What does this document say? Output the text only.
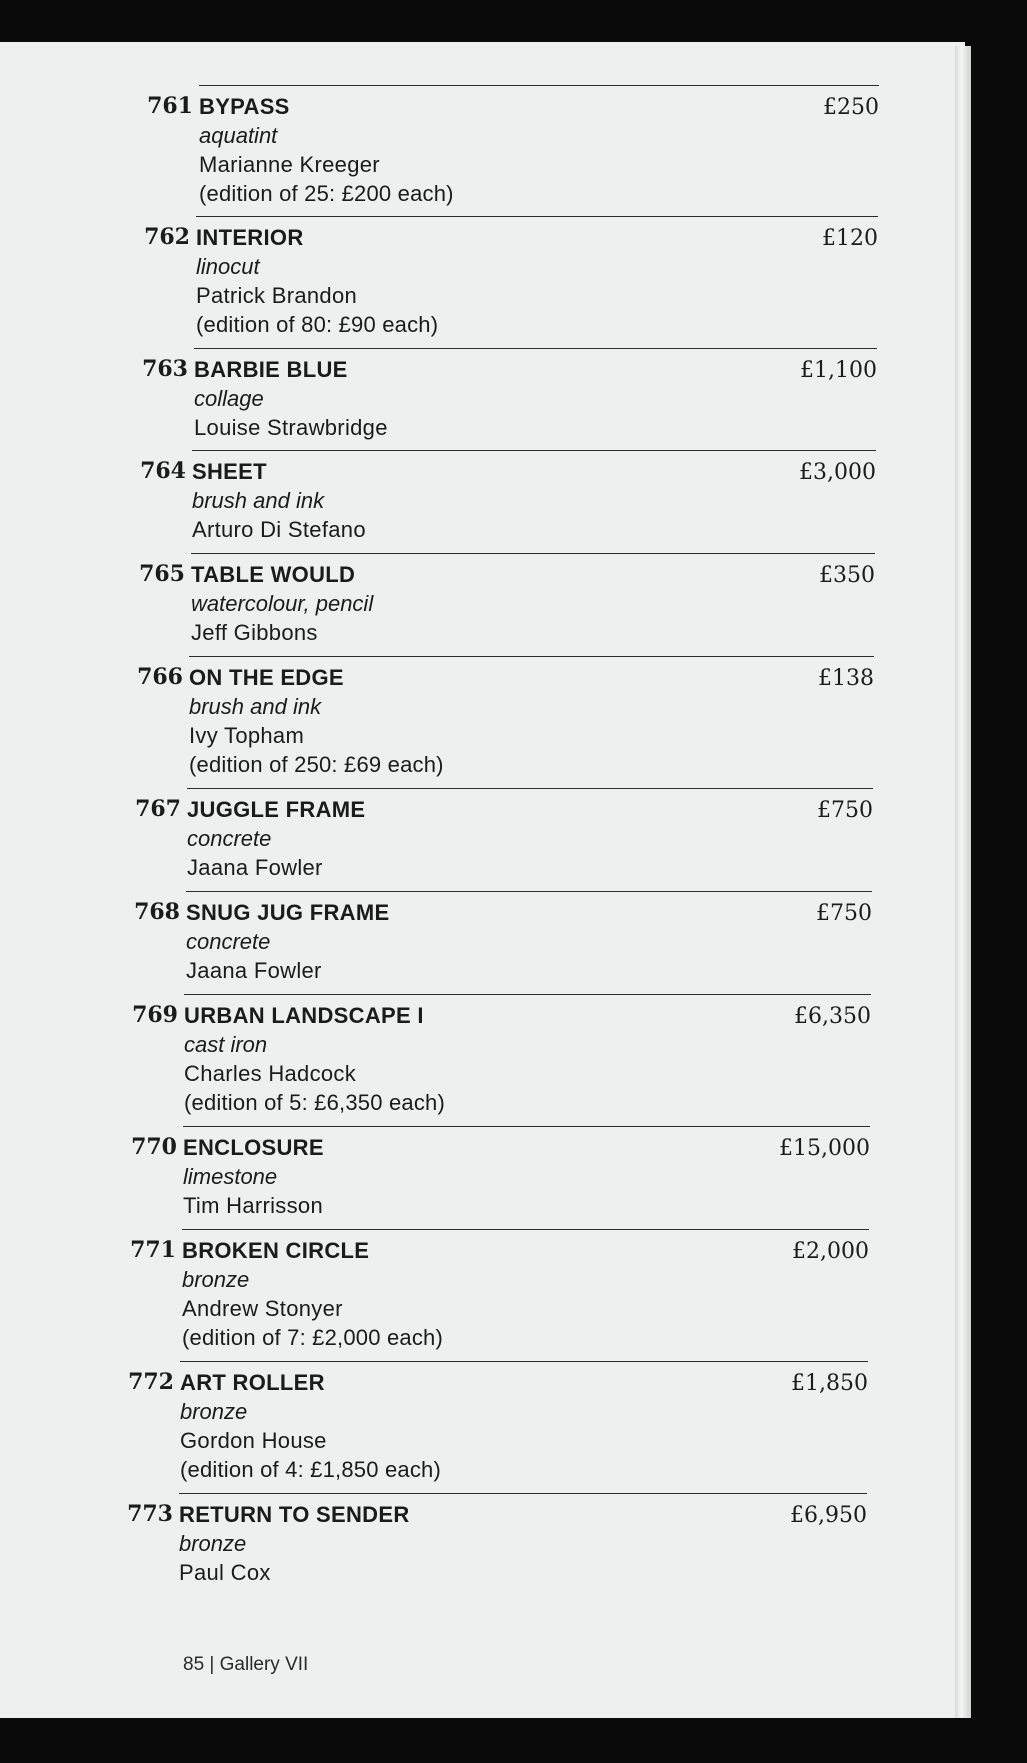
761 BYPASS
aquatint
Marianne Kreeger
(edition of 25: £200 each)
£250
762 INTERIOR
linocut
Patrick Brandon
(edition of 80: £90 each)
£120
763 BARBIE BLUE
collage
Louise Strawbridge
£1,100
764 SHEET
brush and ink
Arturo Di Stefano
£3,000
765 TABLE WOULD
watercolour, pencil
Jeff Gibbons
£350
766 ON THE EDGE
brush and ink
Ivy Topham
(edition of 250: £69 each)
£138
767 JUGGLE FRAME
concrete
Jaana Fowler
£750
768 SNUG JUG FRAME
concrete
Jaana Fowler
£750
769 URBAN LANDSCAPE I
cast iron
Charles Hadcock
(edition of 5: £6,350 each)
£6,350
770 ENCLOSURE
limestone
Tim Harrisson
£15,000
771 BROKEN CIRCLE
bronze
Andrew Stonyer
(edition of 7: £2,000 each)
£2,000
772 ART ROLLER
bronze
Gordon House
(edition of 4: £1,850 each)
£1,850
773 RETURN TO SENDER
bronze
Paul Cox
£6,950
85 | Gallery VII
